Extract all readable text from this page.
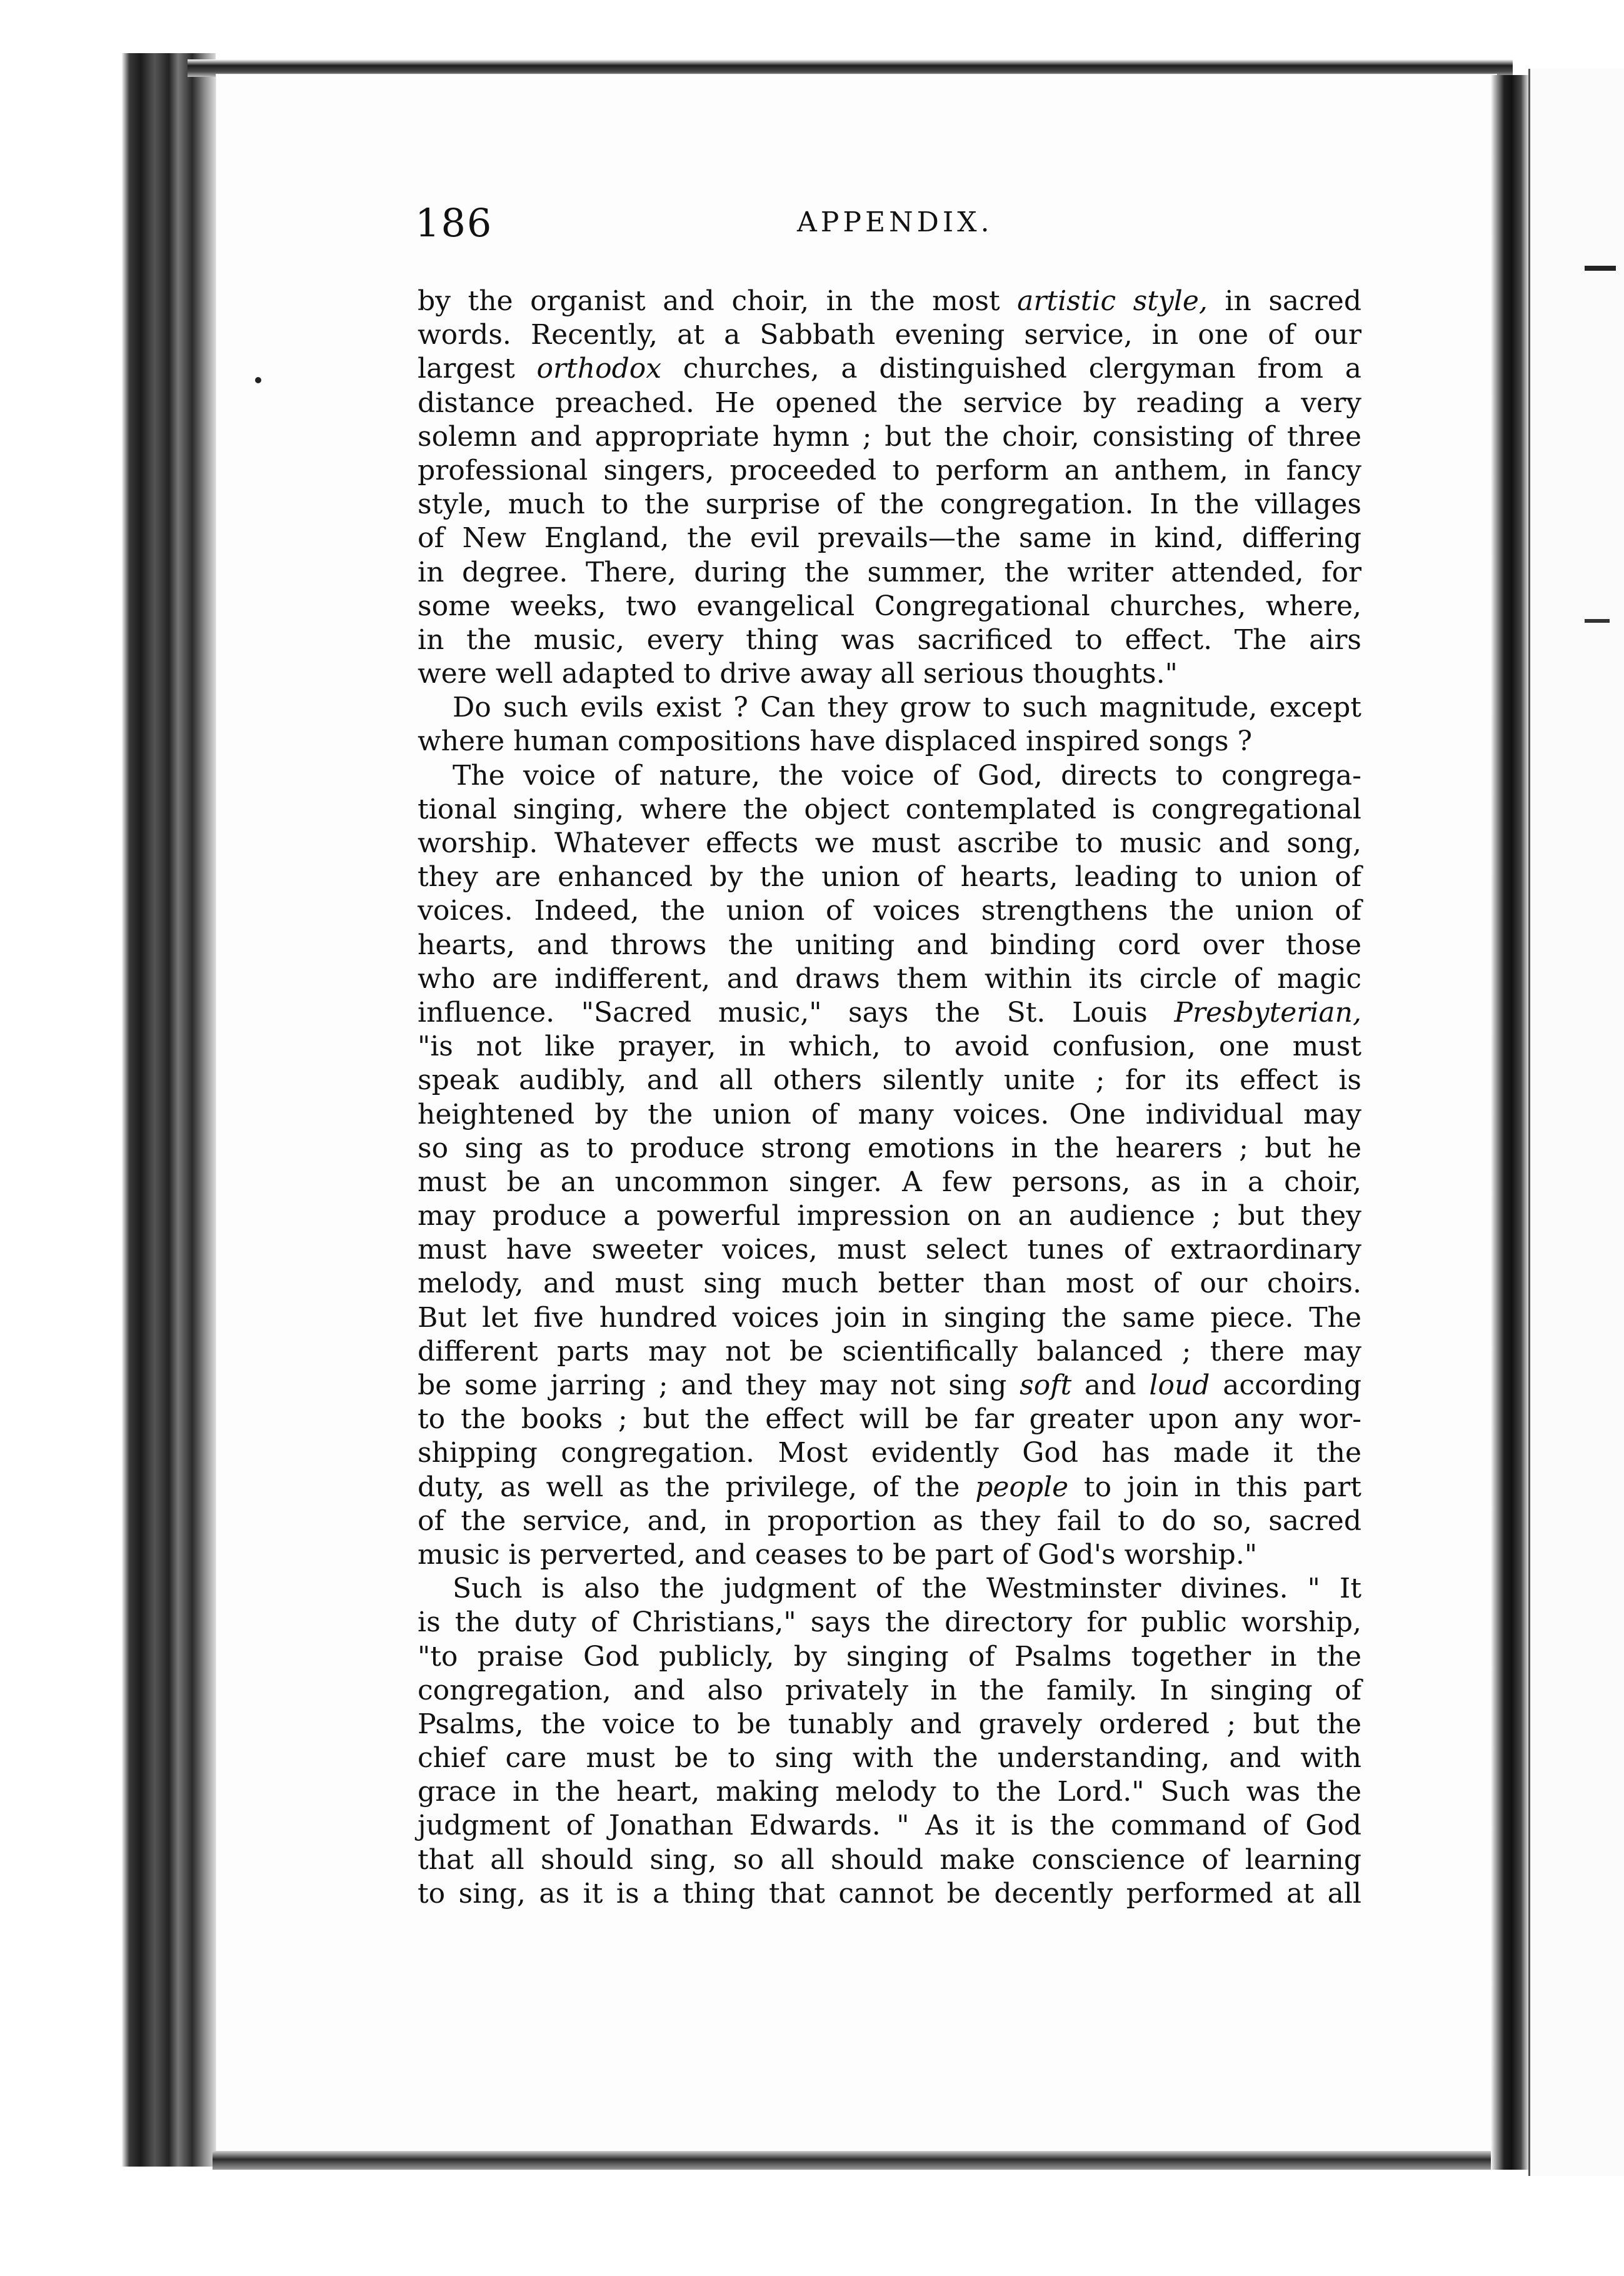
186	APPENDIX.
by the organist and choir, in the most artistic style, in sacred
words. Recently, at a Sabbath evening service, in one of our
largest orthodox churches, a distinguished clergyman from a
distance preached. He opened the service by reading a very
solemn and appropriate hymn ; but the choir, consisting of three
professional singers, proceeded to perform an anthem, in fancy
style, much to the surprise of the congregation. In the villages
of New England, the evil prevails—the same in kind, differing
in degree. There, during the summer, the writer attended, for
some weeks, two evangelical Congregational churches, where,
in the music, every thing was sacrificed to effect. The airs
were well adapted to drive away all serious thoughts."
Do such evils exist ? Can they grow to such magnitude, except
where human compositions have displaced inspired songs ?
The voice of nature, the voice of God, directs to congrega-
tional singing, where the object contemplated is congregational
worship. Whatever effects we must ascribe to music and song,
they are enhanced by the union of hearts, leading to union of
voices. Indeed, the union of voices strengthens the union of
hearts, and throws the uniting and binding cord over those
who are indifferent, and draws them within its circle of magic
influence. "Sacred music," says the St. Louis Presbyterian,
"is not like prayer, in which, to avoid confusion, one must
speak audibly, and all others silently unite ; for its effect is
heightened by the union of many voices. One individual may
so sing as to produce strong emotions in the hearers ; but he
must be an uncommon singer. A few persons, as in a choir,
may produce a powerful impression on an audience ; but they
must have sweeter voices, must select tunes of extraordinary
melody, and must sing much better than most of our choirs.
But let five hundred voices join in singing the same piece. The
different parts may not be scientifically balanced ; there may
be some jarring ; and they may not sing soft and loud according
to the books ; but the effect will be far greater upon any wor-
shipping congregation. Most evidently God has made it the
duty, as well as the privilege, of the people to join in this part
of the service, and, in proportion as they fail to do so, sacred
music is perverted, and ceases to be part of God's worship."
Such is also the judgment of the Westminster divines. " It
is the duty of Christians," says the directory for public worship,
"to praise God publicly, by singing of Psalms together in the
congregation, and also privately in the family. In singing of
Psalms, the voice to be tunably and gravely ordered ; but the
chief care must be to sing with the understanding, and with
grace in the heart, making melody to the Lord." Such was the
judgment of Jonathan Edwards. " As it is the command of God
that all should sing, so all should make conscience of learning
to sing, as it is a thing that cannot be decently performed at all
